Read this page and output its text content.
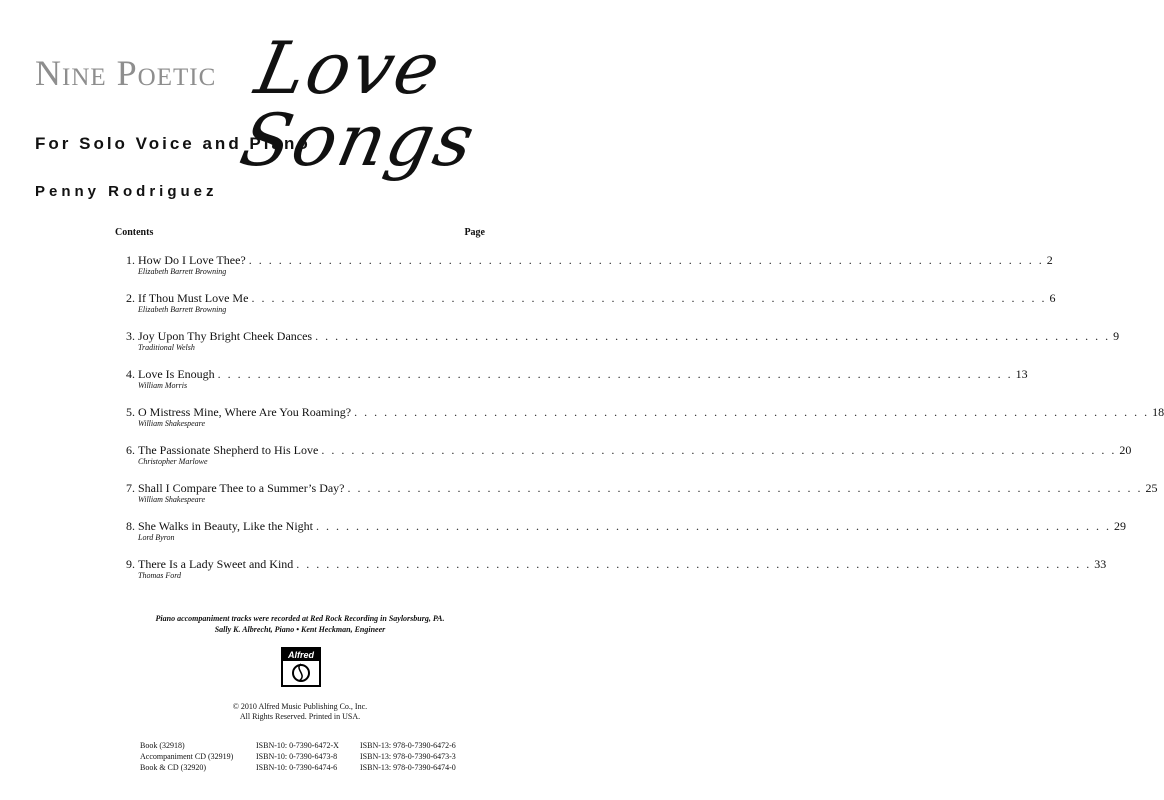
Nine Poetic Love Songs
For Solo Voice and Piano
Penny Rodriguez
Contents	Page
1. How Do I Love Thee? . . . . . . . . . . . . . . . . . . . . . . . . . . . . . . . . . . . . . . . . . . . . . . . . . . . . . . . . . . . . . . . . . . . . . . . . . . . . . . . . 2
Elizabeth Barrett Browning
2. If Thou Must Love Me . . . . . . . . . . . . . . . . . . . . . . . . . . . . . . . . . . . . . . . . . . . . . . . . . . . . . . . . . . . . . . . . . . . . . . . . . . . . . . . . 6
Elizabeth Barrett Browning
3. Joy Upon Thy Bright Cheek Dances . . . . . . . . . . . . . . . . . . . . . . . . . . . . . . . . . . . . . . . . . . . . . . . . . . . . . . . . . . . . . . . . . . . . . . . . . . . . . . . . 9
Traditional Welsh
4. Love Is Enough . . . . . . . . . . . . . . . . . . . . . . . . . . . . . . . . . . . . . . . . . . . . . . . . . . . . . . . . . . . . . . . . . . . . . . . . . . . . . . . . 13
William Morris
5. O Mistress Mine, Where Are You Roaming? . . . . . . . . . . . . . . . . . . . . . . . . . . . . . . . . . . . . . . . . . . . . . . . . . . . . . . . . . . . . . . . . . . . . . . . . . . . . . . . . 18
William Shakespeare
6. The Passionate Shepherd to His Love . . . . . . . . . . . . . . . . . . . . . . . . . . . . . . . . . . . . . . . . . . . . . . . . . . . . . . . . . . . . . . . . . . . . . . . . . . . . . . . . 20
Christopher Marlowe
7. Shall I Compare Thee to a Summer’s Day? . . . . . . . . . . . . . . . . . . . . . . . . . . . . . . . . . . . . . . . . . . . . . . . . . . . . . . . . . . . . . . . . . . . . . . . . . . . . . . . . 25
William Shakespeare
8. She Walks in Beauty, Like the Night . . . . . . . . . . . . . . . . . . . . . . . . . . . . . . . . . . . . . . . . . . . . . . . . . . . . . . . . . . . . . . . . . . . . . . . . . . . . . . . . 29
Lord Byron
9. There Is a Lady Sweet and Kind . . . . . . . . . . . . . . . . . . . . . . . . . . . . . . . . . . . . . . . . . . . . . . . . . . . . . . . . . . . . . . . . . . . . . . . . . . . . . . . . 33
Thomas Ford
Piano accompaniment tracks were recorded at Red Rock Recording in Saylorsburg, PA.
Sally K. Albrecht, Piano • Kent Heckman, Engineer
Alfred
© 2010 Alfred Music Publishing Co., Inc.
All Rights Reserved. Printed in USA.
Book (32918)	ISBN-10: 0-7390-6472-X	ISBN-13: 978-0-7390-6472-6
Accompaniment CD (32919)	ISBN-10: 0-7390-6473-8	ISBN-13: 978-0-7390-6473-3
Book & CD (32920)	ISBN-10: 0-7390-6474-6	ISBN-13: 978-0-7390-6474-0
